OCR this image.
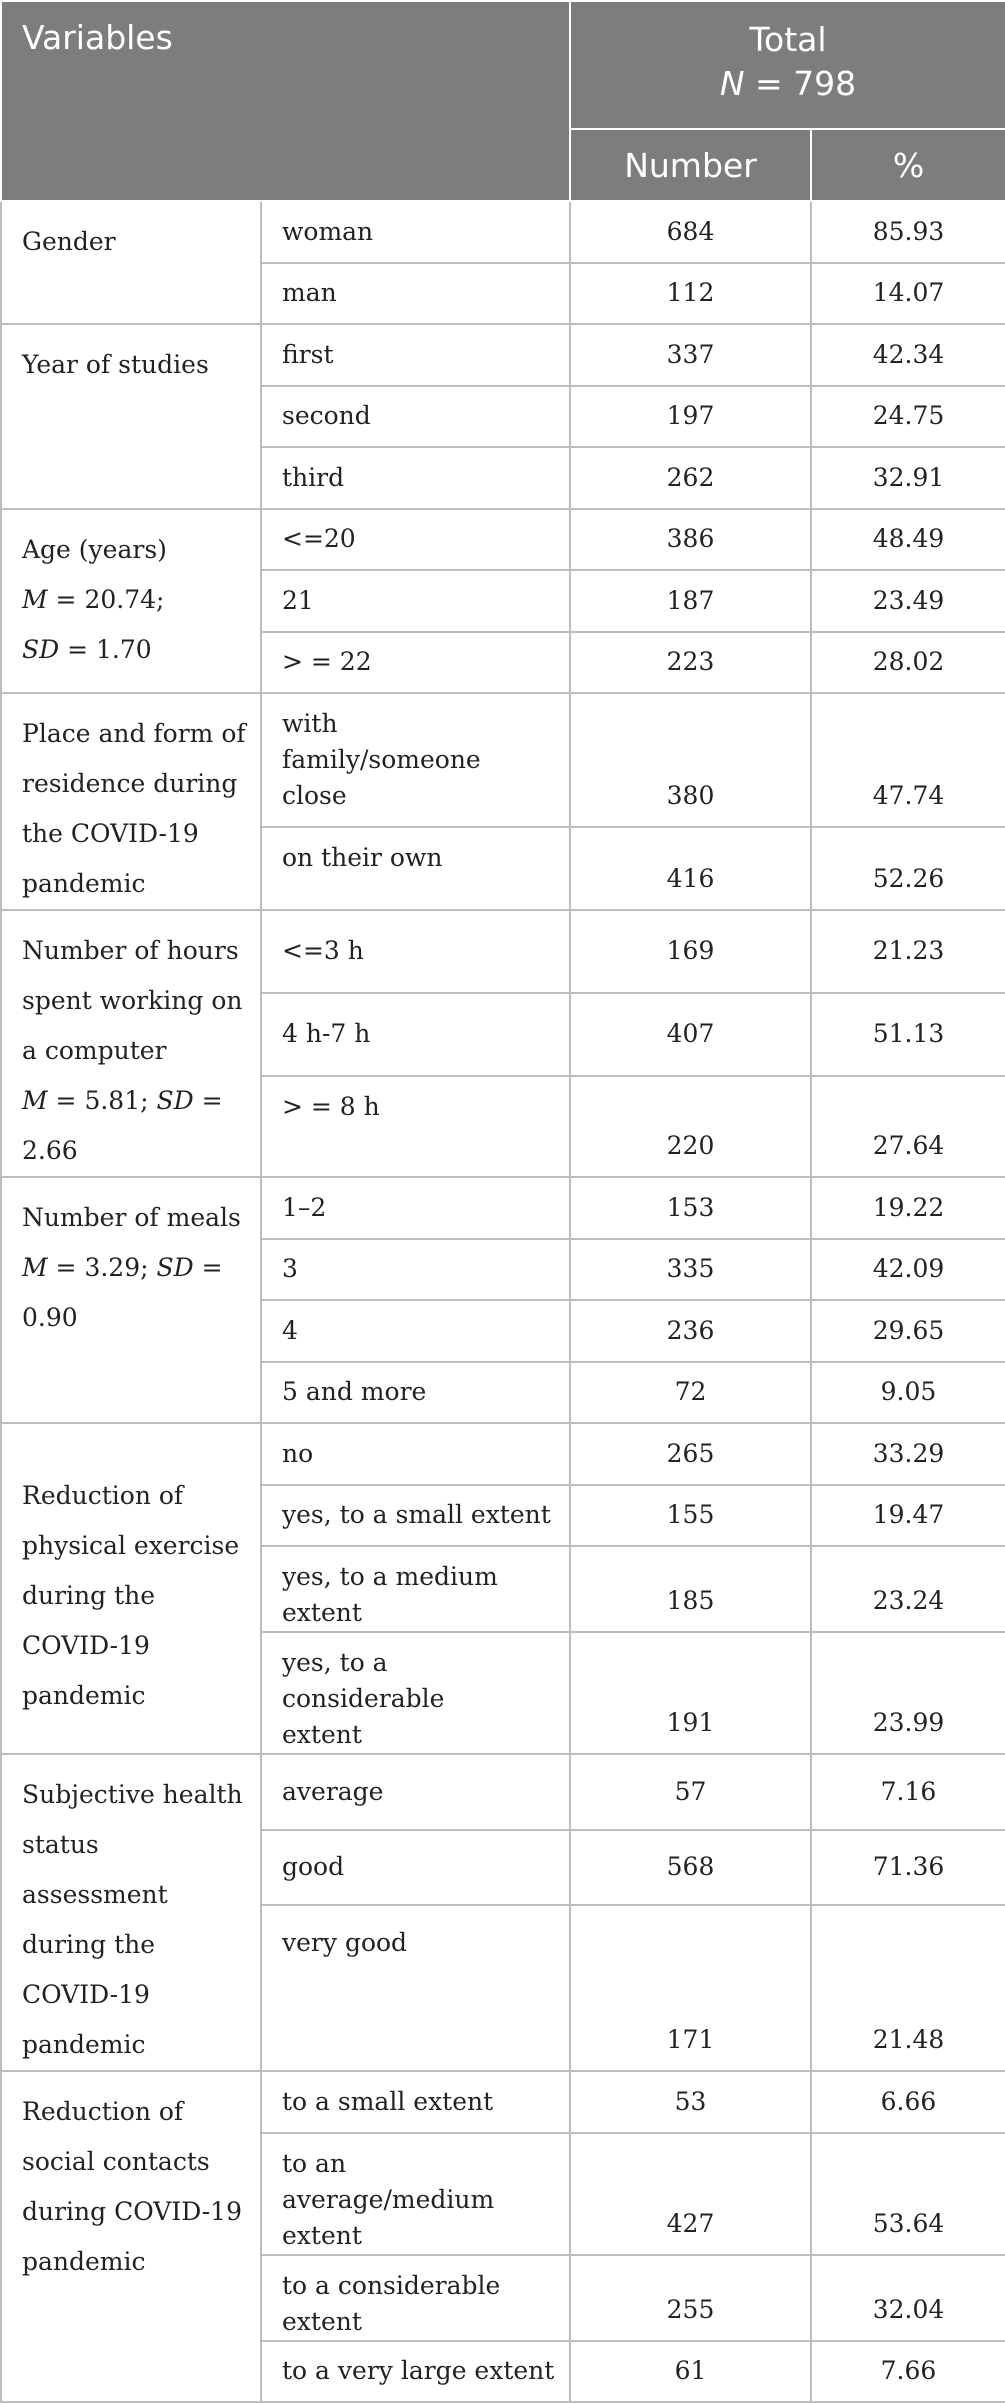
Variables		Total
N = 798	

		Number	%

Gender	woman	684	85.93
	man	112	14.07

Year of studies	first	337	42.34
	second	197	24.75
	third	262	32.91

Age (years)
M = 20.74;
SD = 1.70	<=20	386	48.49
	21	187	23.49
	> = 22	223	28.02

Place and form of
residence during
the COVID-19
pandemic	with family/someone close	380	47.74
	on their own	416	52.26

Number of hours
spent working on
a computer
M = 5.81; SD = 2.66	<=3 h	169	21.23
	4 h-7 h	407	51.13
	> = 8 h	220	27.64

Number of meals
M = 3.29; SD = 0.90	1–2	153	19.22
	3	335	42.09
	4	236	29.65
	5 and more	72	9.05

Reduction of
physical exercise
during the
COVID-19
pandemic	no	265	33.29
	yes, to a small extent	155	19.47
	yes, to a medium extent	185	23.24
	yes, to a considerable extent	191	23.99

Subjective health
status assessment
during the
COVID-19
pandemic	average	57	7.16
	good	568	71.36
	very good	171	21.48

Reduction of
social contacts
during COVID-19
pandemic	to a small extent	53	6.66
	to an average/medium extent	427	53.64
	to a considerable extent	255	32.04
	to a very large extent	61	7.66
